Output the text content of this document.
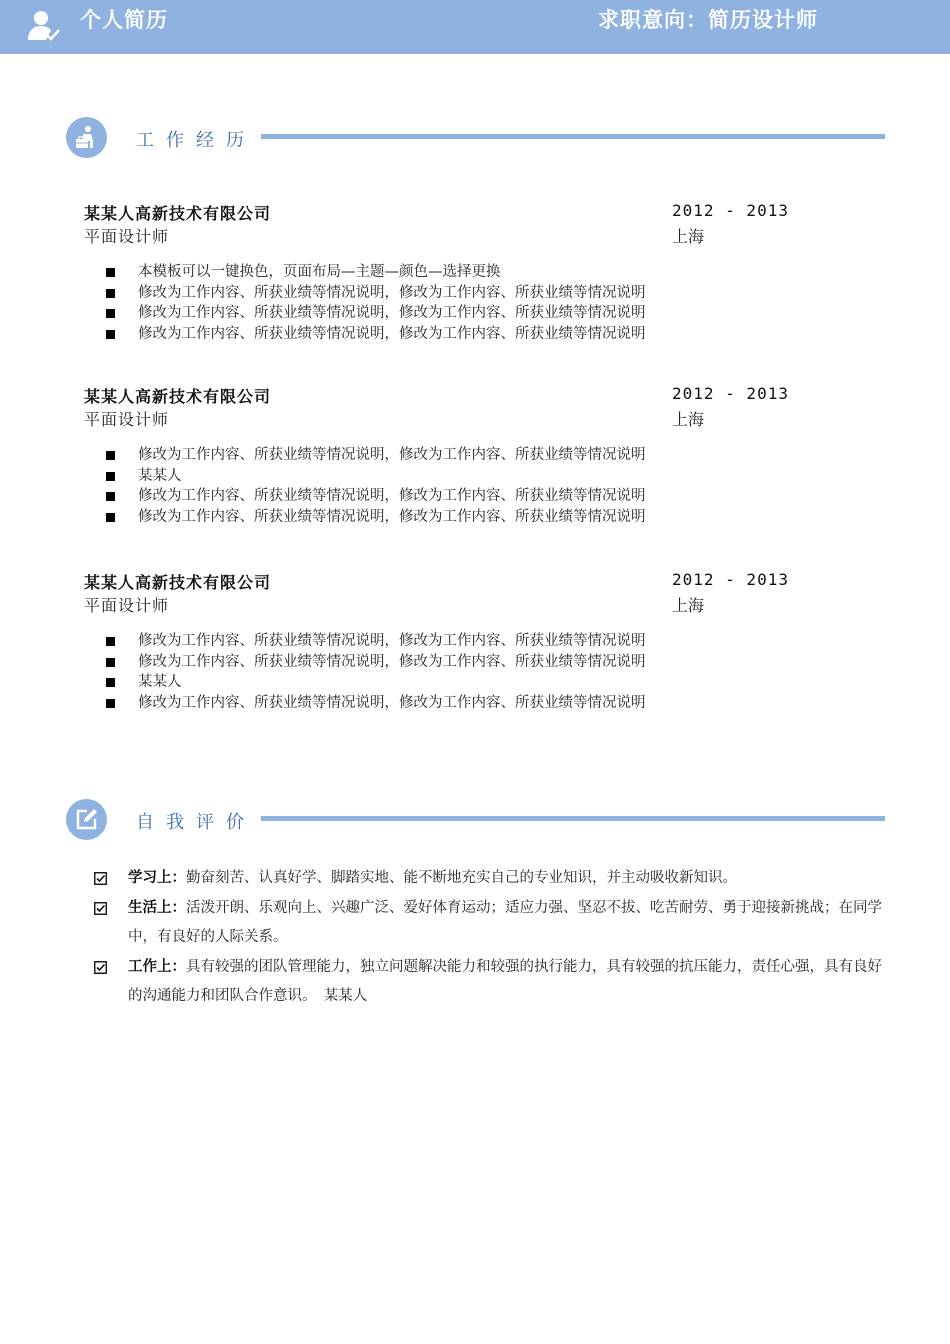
个人简历	求职意向：简历设计师
工作经历
某某人高新技术有限公司
平面设计师
2012 - 2013
上海
本模板可以一键换色，页面布局—主题—颜色—选择更换
修改为工作内容、所获业绩等情况说明，修改为工作内容、所获业绩等情况说明
修改为工作内容、所获业绩等情况说明，修改为工作内容、所获业绩等情况说明
修改为工作内容、所获业绩等情况说明，修改为工作内容、所获业绩等情况说明
某某人高新技术有限公司
平面设计师
2012 - 2013
上海
修改为工作内容、所获业绩等情况说明，修改为工作内容、所获业绩等情况说明
某某人
修改为工作内容、所获业绩等情况说明，修改为工作内容、所获业绩等情况说明
修改为工作内容、所获业绩等情况说明，修改为工作内容、所获业绩等情况说明
某某人高新技术有限公司
平面设计师
2012 - 2013
上海
修改为工作内容、所获业绩等情况说明，修改为工作内容、所获业绩等情况说明
修改为工作内容、所获业绩等情况说明，修改为工作内容、所获业绩等情况说明
某某人
修改为工作内容、所获业绩等情况说明，修改为工作内容、所获业绩等情况说明
自我评价
学习上：勤奋刻苦、认真好学、脚踏实地、能不断地充实自己的专业知识，并主动吸收新知识。
生活上：活泼开朗、乐观向上、兴趣广泛、爱好体育运动；适应力强、坚忍不拔、吃苦耐劳、勇于迎接新挑战；在同学中，有良好的人际关系。
工作上：具有较强的团队管理能力，独立问题解决能力和较强的执行能力，具有较强的抗压能力，责任心强，具有良好的沟通能力和团队合作意识。　某某人
